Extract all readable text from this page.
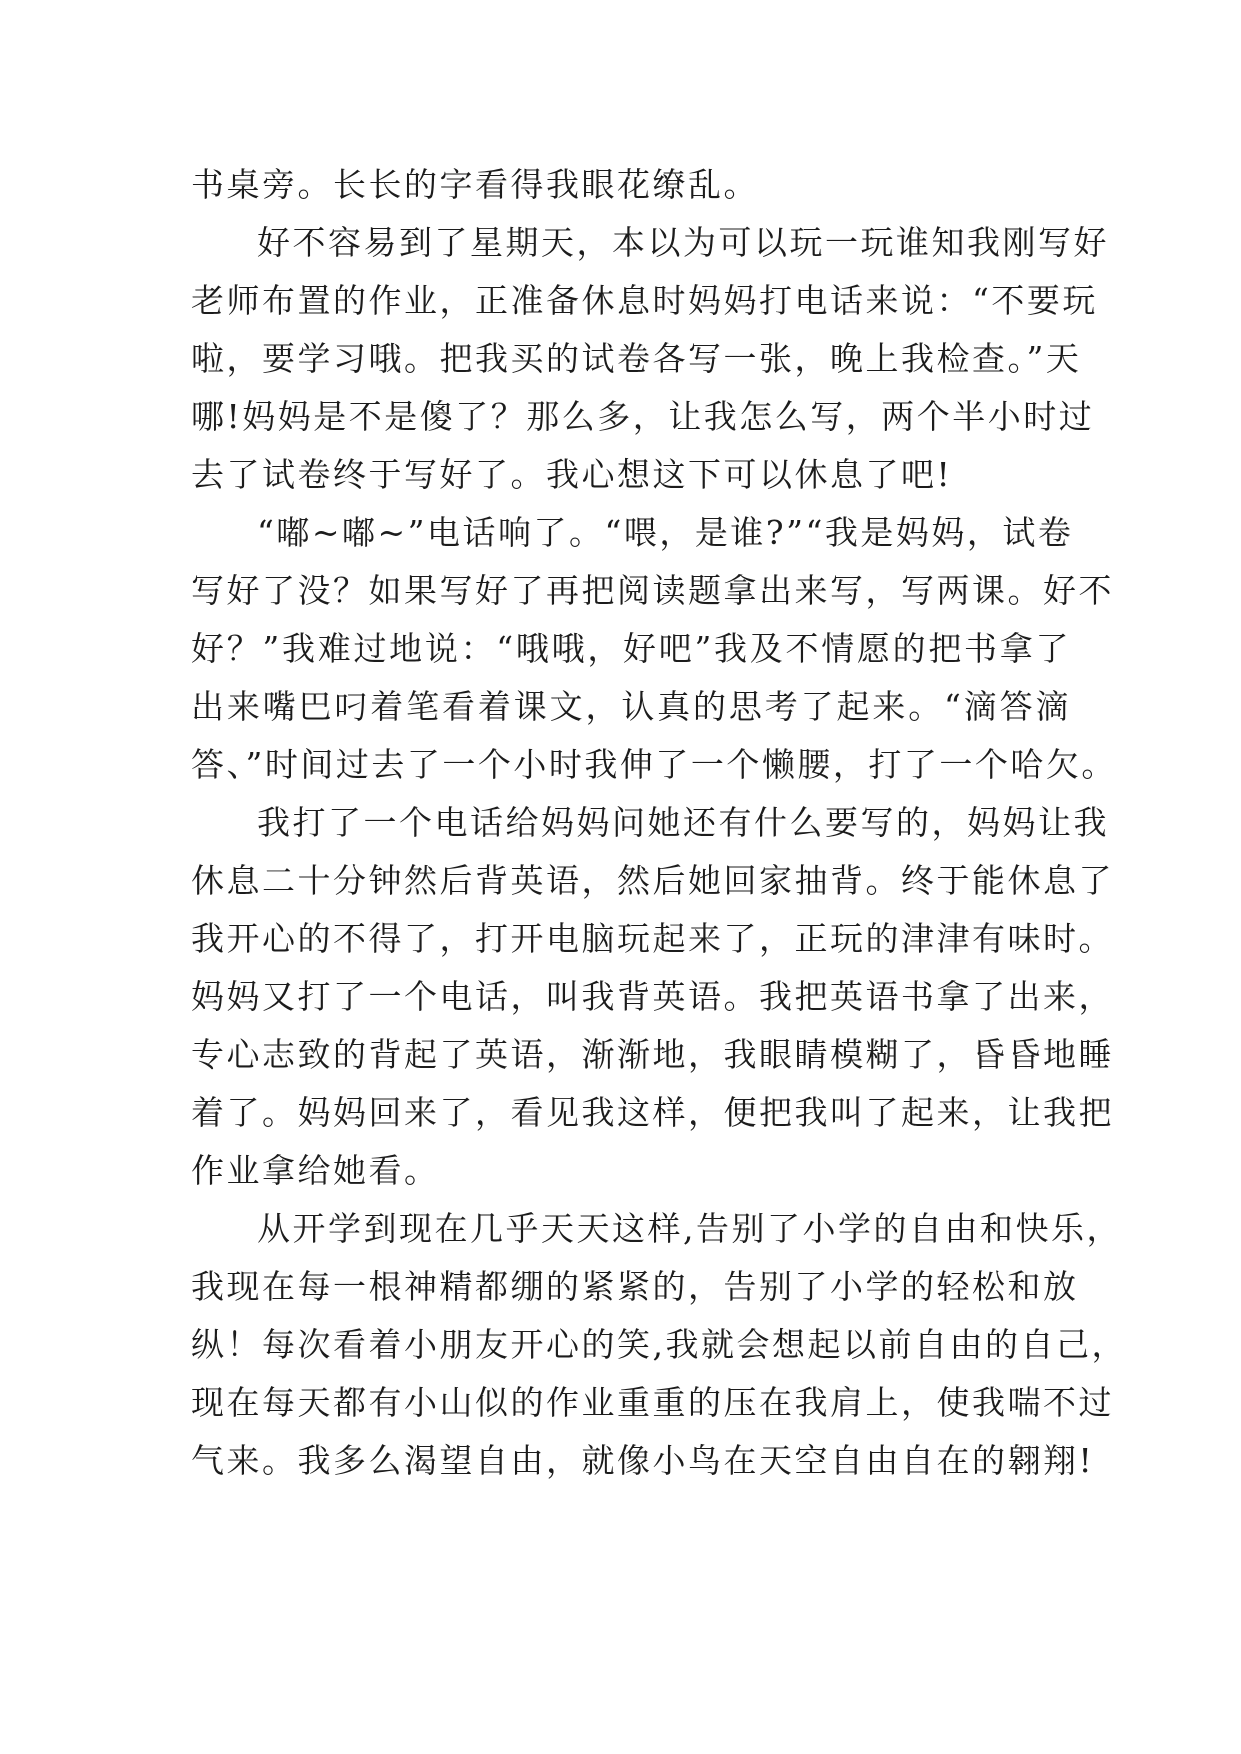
书桌旁。长长的字看得我眼花缭乱。
好不容易到了星期天，本以为可以玩一玩谁知我刚写好
老师布置的作业，正准备休息时妈妈打电话来说：“不要玩
啦，要学习哦。把我买的试卷各写一张，晚上我检查。”天
哪!妈妈是不是傻了？那么多，让我怎么写，两个半小时过
去了试卷终于写好了。我心想这下可以休息了吧!
“嘟~嘟~”电话响了。“喂，是谁?”“我是妈妈，试卷
写好了没？如果写好了再把阅读题拿出来写，写两课。好不
好？”我难过地说：“哦哦，好吧”我及不情愿的把书拿了
出来嘴巴叼着笔看着课文，认真的思考了起来。“滴答滴
答、”时间过去了一个小时我伸了一个懒腰，打了一个哈欠。
我打了一个电话给妈妈问她还有什么要写的，妈妈让我
休息二十分钟然后背英语，然后她回家抽背。终于能休息了
我开心的不得了，打开电脑玩起来了，正玩的津津有味时。
妈妈又打了一个电话，叫我背英语。我把英语书拿了出来，
专心志致的背起了英语，渐渐地，我眼睛模糊了，昏昏地睡
着了。妈妈回来了，看见我这样，便把我叫了起来，让我把
作业拿给她看。
从开学到现在几乎天天这样,告别了小学的自由和快乐，
我现在每一根神精都绷的紧紧的，告别了小学的轻松和放
纵！每次看着小朋友开心的笑,我就会想起以前自由的自己，
现在每天都有小山似的作业重重的压在我肩上，使我喘不过
气来。我多么渴望自由，就像小鸟在天空自由自在的翱翔!
